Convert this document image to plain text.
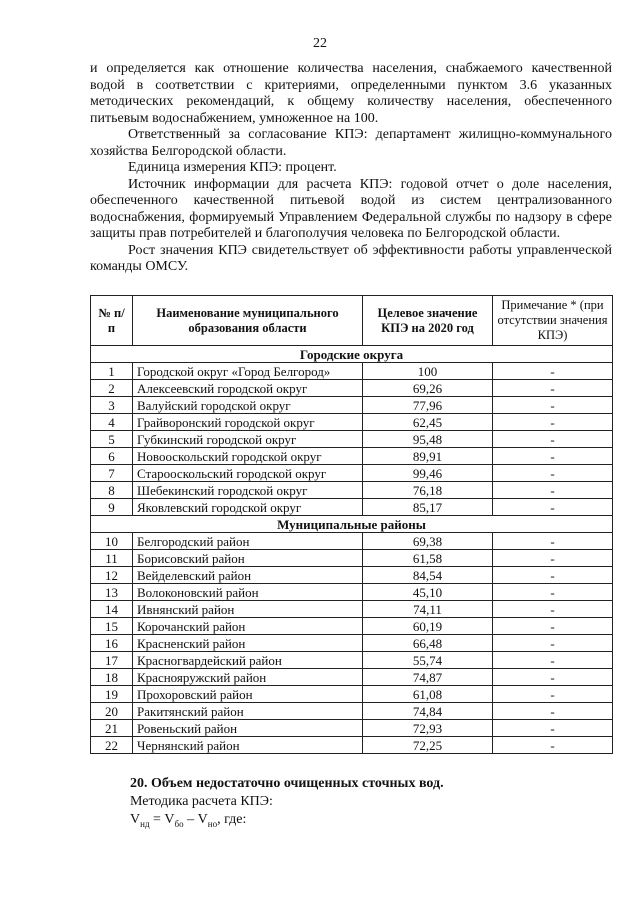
22

и определяется как отношение количества населения, снабжаемого качественной водой в соответствии с критериями, определенными пунктом 3.6 указанных методических рекомендаций, к общему количеству населения, обеспеченного питьевым водоснабжением, умноженное на 100.

Ответственный за согласование КПЭ: департамент жилищно-коммунального хозяйства Белгородской области.

Единица измерения КПЭ: процент.

Источник информации для расчета КПЭ: годовой отчет о доле населения, обеспеченного качественной питьевой водой из систем централизованного водоснабжения, формируемый Управлением Федеральной службы по надзору в сфере защиты прав потребителей и благополучия человека по Белгородской области.

Рост значения КПЭ свидетельствует об эффективности работы управленческой команды ОМСУ.

№ п/п	Наименование муниципального образования области	Целевое значение КПЭ на 2020 год	Примечание * (при отсутствии значения КПЭ)
Городские округа			
1	Городской округ «Город Белгород»	100	-
2	Алексеевский городской округ	69,26	-
3	Валуйский городской округ	77,96	-
4	Грайворонский городской округ	62,45	-
5	Губкинский городской округ	95,48	-
6	Новооскольский городской округ	89,91	-
7	Старооскольский городской округ	99,46	-
8	Шебекинский городской округ	76,18	-
9	Яковлевский городской округ	85,17	-
Муниципальные районы			
10	Белгородский район	69,38	-
11	Борисовский район	61,58	-
12	Вейделевский район	84,54	-
13	Волоконовский район	45,10	-
14	Ивнянский район	74,11	-
15	Корочанский район	60,19	-
16	Красненский район	66,48	-
17	Красногвардейский район	55,74	-
18	Краснояружский район	74,87	-
19	Прохоровский район	61,08	-
20	Ракитянский район	74,84	-
21	Ровеньский район	72,93	-
22	Чернянский район	72,25	-
20. Объем недостаточно очищенных сточных вод.
Методика расчета КПЭ:
$V_{нд} = V_{бо} - V_{но}$, где:
